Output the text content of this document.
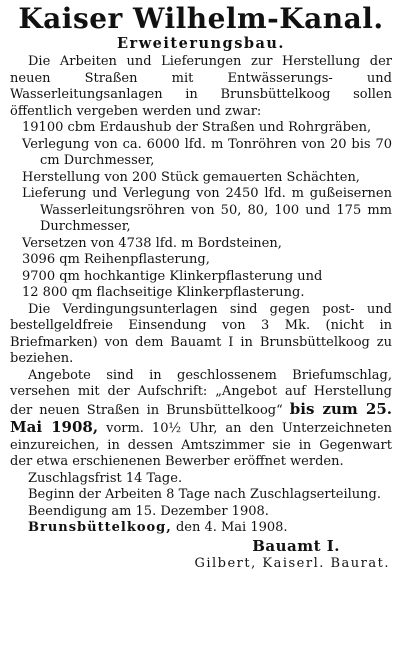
Kaiser Wilhelm-Kanal.
Erweiterungsbau.

Die Arbeiten und Lieferungen zur Herstellung der neuen Straßen mit Entwässerungs- und Wasserleitungsanlagen in Brunsbüttelkoog sollen öffentlich vergeben werden und zwar:

19100 cbm Erdaushub der Straßen und Rohrgräben,

Verlegung von ca. 6000 lfd. m Tonröhren von 20 bis 70 cm Durchmesser,

Herstellung von 200 Stück gemauerten Schächten,

Lieferung und Verlegung von 2450 lfd. m gußeisernen Wasserleitungsröhren von 50, 80, 100 und 175 mm Durchmesser,

Versetzen von 4738 lfd. m Bordsteinen,

3096 qm Reihenpflasterung,

9700 qm hochkantige Klinkerpflasterung und

12 800 qm flachseitige Klinkerpflasterung.

Die Verdingungsunterlagen sind gegen post- und bestellgeldfreie Einsendung von 3 Mk. (nicht in Briefmarken) von dem Bauamt I in Brunsbüttelkoog zu beziehen.

Angebote sind in geschlossenem Briefumschlag, versehen mit der Aufschrift: „Angebot auf Herstellung der neuen Straßen in Brunsbüttelkoog“ bis zum 25. Mai 1908, vorm. 10½ Uhr, an den Unterzeichneten einzureichen, in dessen Amtszimmer sie in Gegenwart der etwa erschienenen Bewerber eröffnet werden.

Zuschlagsfrist 14 Tage.

Beginn der Arbeiten 8 Tage nach Zuschlagserteilung.

Beendigung am 15. Dezember 1908.

Brunsbüttelkoog, den 4. Mai 1908.

Bauamt I.
Gilbert, Kaiserl. Baurat.
